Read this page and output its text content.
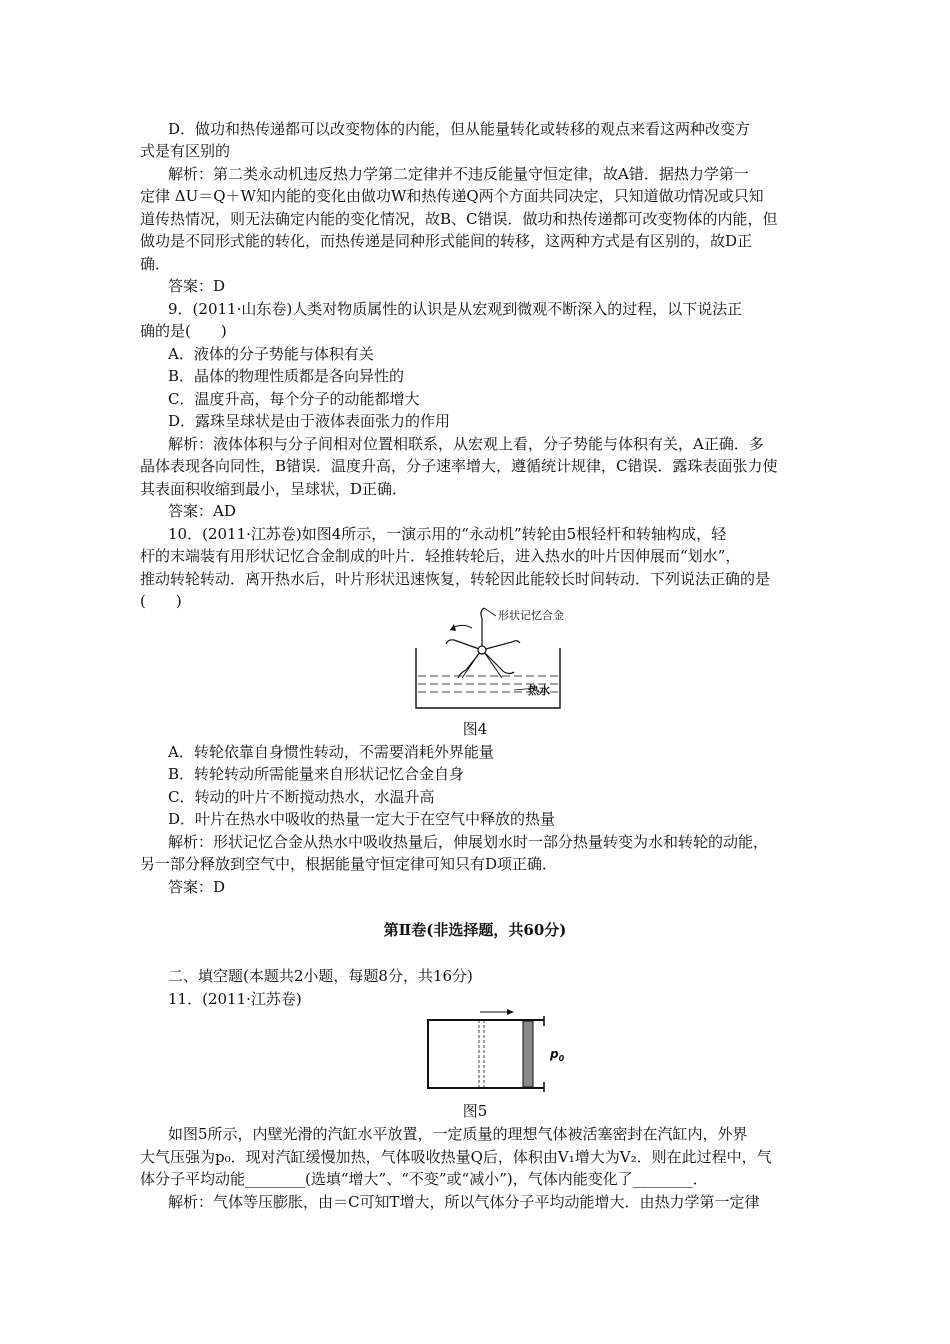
D．做功和热传递都可以改变物体的内能，但从能量转化或转移的观点来看这两种改变方

式是有区别的

解析：第二类永动机违反热力学第二定律并不违反能量守恒定律，故A错．据热力学第一

定律 ΔU＝Q＋W知内能的变化由做功W和热传递Q两个方面共同决定，只知道做功情况或只知

道传热情况，则无法确定内能的变化情况，故B、C错误．做功和热传递都可改变物体的内能，但

做功是不同形式能的转化，而热传递是同种形式能间的转移，这两种方式是有区别的，故D正

确．

答案：D

9．(2011·山东卷)人类对物质属性的认识是从宏观到微观不断深入的过程，以下说法正

确的是(　　)

A．液体的分子势能与体积有关

B．晶体的物理性质都是各向异性的

C．温度升高，每个分子的动能都增大

D．露珠呈球状是由于液体表面张力的作用

解析：液体体积与分子间相对位置相联系，从宏观上看，分子势能与体积有关，A正确．多

晶体表现各向同性，B错误．温度升高，分子速率增大，遵循统计规律，C错误．露珠表面张力使

其表面积收缩到最小，呈球状，D正确．

答案：AD

10．(2011·江苏卷)如图4所示，一演示用的“永动机”转轮由5根轻杆和转轴构成，轻

杆的末端装有用形状记忆合金制成的叶片．轻推转轮后，进入热水的叶片因伸展而“划水”，

推动转轮转动．离开热水后，叶片形状迅速恢复，转轮因此能较长时间转动．下列说法正确的是

(　　)

形状记忆合金
热水
图4

A．转轮依靠自身惯性转动，不需要消耗外界能量

B．转轮转动所需能量来自形状记忆合金自身

C．转动的叶片不断搅动热水，水温升高

D．叶片在热水中吸收的热量一定大于在空气中释放的热量

解析：形状记忆合金从热水中吸收热量后，伸展划水时一部分热量转变为水和转轮的动能，

另一部分释放到空气中，根据能量守恒定律可知只有D项正确．

答案：D

第Ⅱ卷(非选择题，共60分)

二、填空题(本题共2小题，每题8分，共16分)

11．(2011·江苏卷)

$p_0$
图5

如图5所示，内壁光滑的汽缸水平放置，一定质量的理想气体被活塞密封在汽缸内，外界

大气压强为p₀．现对汽缸缓慢加热，气体吸收热量Q后，体积由V₁增大为V₂．则在此过程中，气

体分子平均动能________(选填“增大”、“不变”或“减小”)，气体内能变化了________．

解析：气体等压膨胀，由＝C可知T增大，所以气体分子平均动能增大．由热力学第一定律
